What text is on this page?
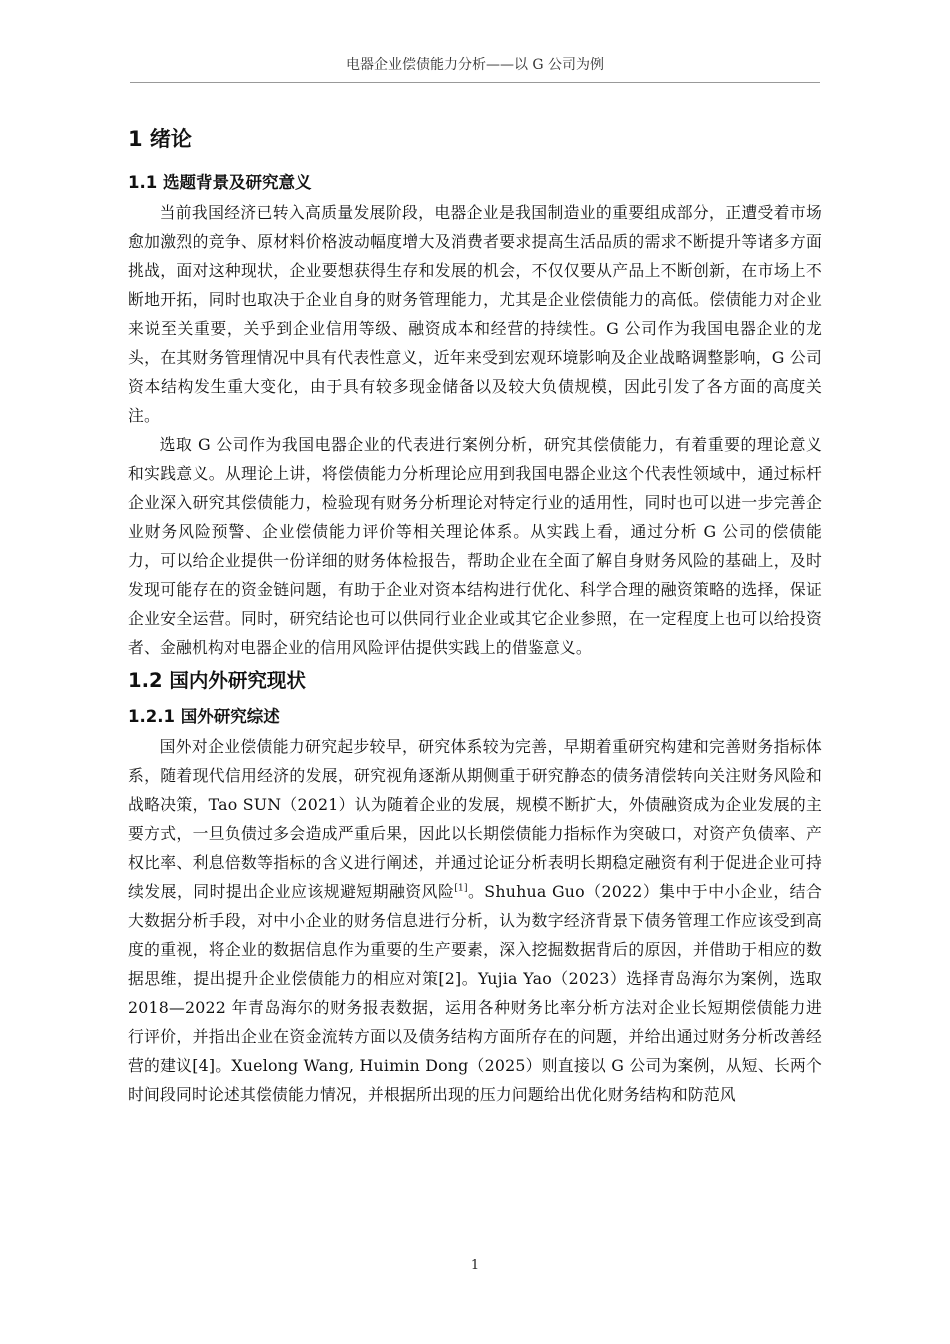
电器企业偿债能力分析——以 G 公司为例
1 绪论
1.1 选题背景及研究意义

当前我国经济已转入高质量发展阶段，电器企业是我国制造业的重要组成部分，正遭受着市场愈加激烈的竞争、原材料价格波动幅度增大及消费者要求提高生活品质的需求不断提升等诸多方面挑战，面对这种现状，企业要想获得生存和发展的机会，不仅仅要从产品上不断创新，在市场上不断地开拓，同时也取决于企业自身的财务管理能力，尤其是企业偿债能力的高低。偿债能力对企业来说至关重要，关乎到企业信用等级、融资成本和经营的持续性。G 公司作为我国电器企业的龙头，在其财务管理情况中具有代表性意义，近年来受到宏观环境影响及企业战略调整影响，G 公司资本结构发生重大变化，由于具有较多现金储备以及较大负债规模，因此引发了各方面的高度关注。

选取 G 公司作为我国电器企业的代表进行案例分析，研究其偿债能力，有着重要的理论意义和实践意义。从理论上讲，将偿债能力分析理论应用到我国电器企业这个代表性领域中，通过标杆企业深入研究其偿债能力，检验现有财务分析理论对特定行业的适用性，同时也可以进一步完善企业财务风险预警、企业偿债能力评价等相关理论体系。从实践上看，通过分析 G 公司的偿债能力，可以给企业提供一份详细的财务体检报告，帮助企业在全面了解自身财务风险的基础上，及时发现可能存在的资金链问题，有助于企业对资本结构进行优化、科学合理的融资策略的选择，保证企业安全运营。同时，研究结论也可以供同行业企业或其它企业参照，在一定程度上也可以给投资者、金融机构对电器企业的信用风险评估提供实践上的借鉴意义。

1.2 国内外研究现状
1.2.1 国外研究综述

国外对企业偿债能力研究起步较早，研究体系较为完善，早期着重研究构建和完善财务指标体系，随着现代信用经济的发展，研究视角逐渐从期侧重于研究静态的债务清偿转向关注财务风险和战略决策，Tao SUN（2021）认为随着企业的发展，规模不断扩大，外债融资成为企业发展的主要方式，一旦负债过多会造成严重后果，因此以长期偿债能力指标作为突破口，对资产负债率、产权比率、利息倍数等指标的含义进行阐述，并通过论证分析表明长期稳定融资有利于促进企业可持续发展，同时提出企业应该规避短期融资风险[1]。Shuhua Guo（2022）集中于中小企业，结合大数据分析手段，对中小企业的财务信息进行分析，认为数字经济背景下债务管理工作应该受到高度的重视，将企业的数据信息作为重要的生产要素，深入挖掘数据背后的原因，并借助于相应的数据思维，提出提升企业偿债能力的相应对策[2]。Yujia Yao（2023）选择青岛海尔为案例，选取 2018—2022 年青岛海尔的财务报表数据，运用各种财务比率分析方法对企业长短期偿债能力进行评价，并指出企业在资金流转方面以及债务结构方面所存在的问题，并给出通过财务分析改善经营的建议[4]。Xuelong Wang, Huimin Dong（2025）则直接以 G 公司为案例，从短、长两个时间段同时论述其偿债能力情况，并根据所出现的压力问题给出优化财务结构和防范风

1
